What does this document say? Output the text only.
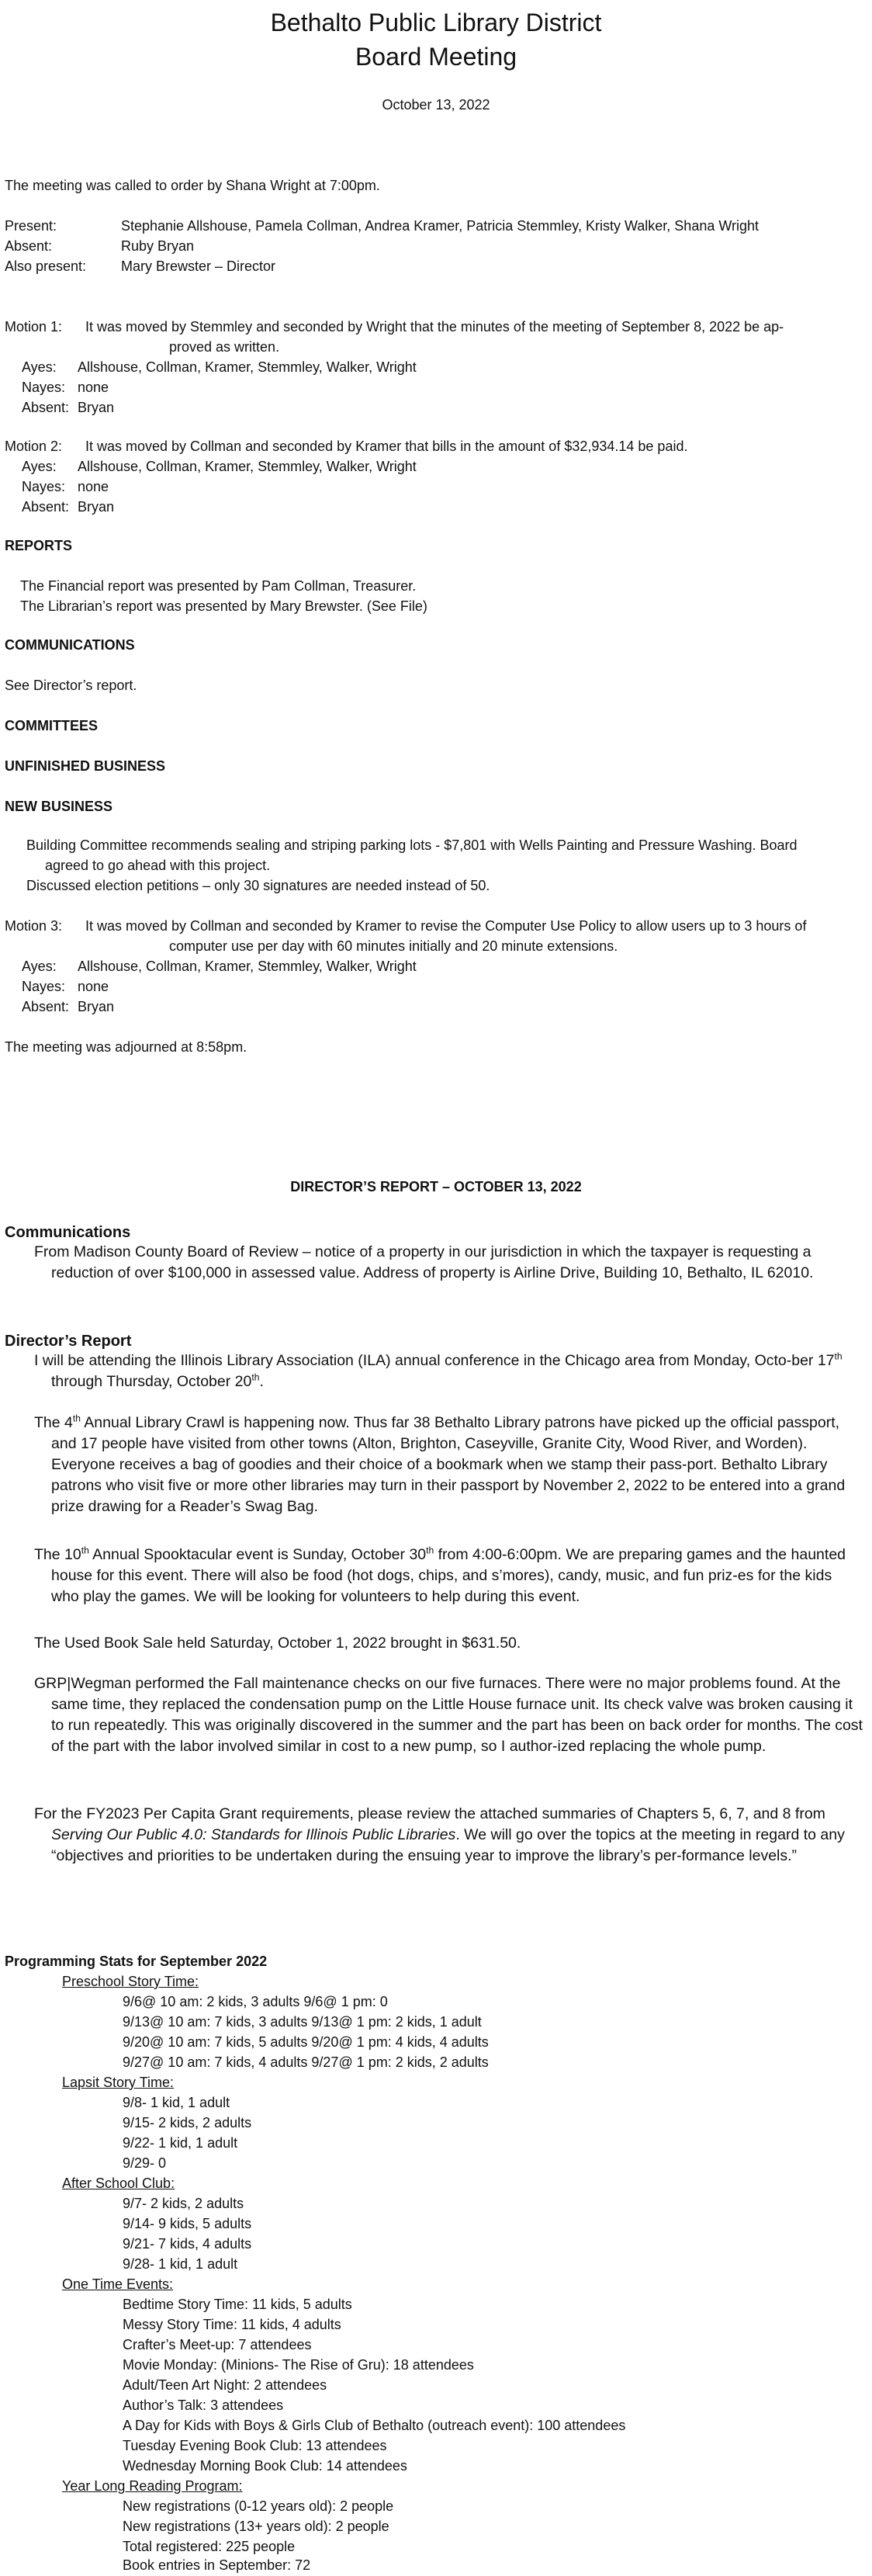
Bethalto Public Library District
Board Meeting
October 13, 2022
The meeting was called to order by Shana Wright at 7:00pm.
Present:	Stephanie Allshouse, Pamela Collman, Andrea Kramer, Patricia Stemmley, Kristy Walker, Shana Wright
Absent:	Ruby Bryan
Also present: Mary Brewster – Director
Motion 1: It was moved by Stemmley and seconded by Wright that the minutes of the meeting of September 8, 2022 be ap-
proved as written.
Ayes: Allshouse, Collman, Kramer, Stemmley, Walker, Wright
Nayes: none
Absent: Bryan
Motion 2: It was moved by Collman and seconded by Kramer that bills in the amount of $32,934.14 be paid.
Ayes: Allshouse, Collman, Kramer, Stemmley, Walker, Wright
Nayes: none
Absent: Bryan
REPORTS
The Financial report was presented by Pam Collman, Treasurer.
The Librarian’s report was presented by Mary Brewster. (See File)
COMMUNICATIONS
See Director’s report.
COMMITTEES
UNFINISHED BUSINESS
NEW BUSINESS
Building Committee recommends sealing and striping parking lots - $7,801 with Wells Painting and Pressure Washing. Board
agreed to go ahead with this project.
Discussed election petitions – only 30 signatures are needed instead of 50.
Motion 3: It was moved by Collman and seconded by Kramer to revise the Computer Use Policy to allow users up to 3 hours of
computer use per day with 60 minutes initially and 20 minute extensions.
Ayes: Allshouse, Collman, Kramer, Stemmley, Walker, Wright
Nayes: none
Absent: Bryan
The meeting was adjourned at 8:58pm.
DIRECTOR’S REPORT – OCTOBER 13, 2022
Communications
From Madison County Board of Review – notice of a property in our jurisdiction in which the taxpayer is requesting a reduction of over $100,000 in assessed value. Address of property is Airline Drive, Building 10, Bethalto, IL 62010.
Director’s Report
I will be attending the Illinois Library Association (ILA) annual conference in the Chicago area from Monday, Octo-ber 17th through Thursday, October 20th.
The 4th Annual Library Crawl is happening now. Thus far 38 Bethalto Library patrons have picked up the official passport, and 17 people have visited from other towns (Alton, Brighton, Caseyville, Granite City, Wood River, and Worden). Everyone receives a bag of goodies and their choice of a bookmark when we stamp their pass-port. Bethalto Library patrons who visit five or more other libraries may turn in their passport by November 2, 2022 to be entered into a grand prize drawing for a Reader’s Swag Bag.
The 10th Annual Spooktacular event is Sunday, October 30th from 4:00-6:00pm. We are preparing games and the haunted house for this event. There will also be food (hot dogs, chips, and s’mores), candy, music, and fun priz-es for the kids who play the games. We will be looking for volunteers to help during this event.
The Used Book Sale held Saturday, October 1, 2022 brought in $631.50.
GRP|Wegman performed the Fall maintenance checks on our five furnaces. There were no major problems found. At the same time, they replaced the condensation pump on the Little House furnace unit. Its check valve was broken causing it to run repeatedly. This was originally discovered in the summer and the part has been on back order for months. The cost of the part with the labor involved similar in cost to a new pump, so I author-ized replacing the whole pump.
For the FY2023 Per Capita Grant requirements, please review the attached summaries of Chapters 5, 6, 7, and 8 from Serving Our Public 4.0: Standards for Illinois Public Libraries. We will go over the topics at the meeting in regard to any “objectives and priorities to be undertaken during the ensuing year to improve the library’s per-formance levels.”
Programming Stats for September 2022
Preschool Story Time:
9/6@ 10 am: 2 kids, 3 adults 9/6@ 1 pm: 0
9/13@ 10 am: 7 kids, 3 adults 9/13@ 1 pm: 2 kids, 1 adult
9/20@ 10 am: 7 kids, 5 adults 9/20@ 1 pm: 4 kids, 4 adults
9/27@ 10 am: 7 kids, 4 adults 9/27@ 1 pm: 2 kids, 2 adults
Lapsit Story Time:
9/8- 1 kid, 1 adult
9/15- 2 kids, 2 adults
9/22- 1 kid, 1 adult
9/29- 0
After School Club:
9/7- 2 kids, 2 adults
9/14- 9 kids, 5 adults
9/21- 7 kids, 4 adults
9/28- 1 kid, 1 adult
One Time Events:
Bedtime Story Time: 11 kids, 5 adults
Messy Story Time: 11 kids, 4 adults
Crafter’s Meet-up: 7 attendees
Movie Monday: (Minions- The Rise of Gru): 18 attendees
Adult/Teen Art Night: 2 attendees
Author’s Talk: 3 attendees
A Day for Kids with Boys & Girls Club of Bethalto (outreach event): 100 attendees
Tuesday Evening Book Club: 13 attendees
Wednesday Morning Book Club: 14 attendees
Year Long Reading Program:
New registrations (0-12 years old): 2 people
New registrations (13+ years old): 2 people
Total registered: 225 people
Book entries in September: 72
